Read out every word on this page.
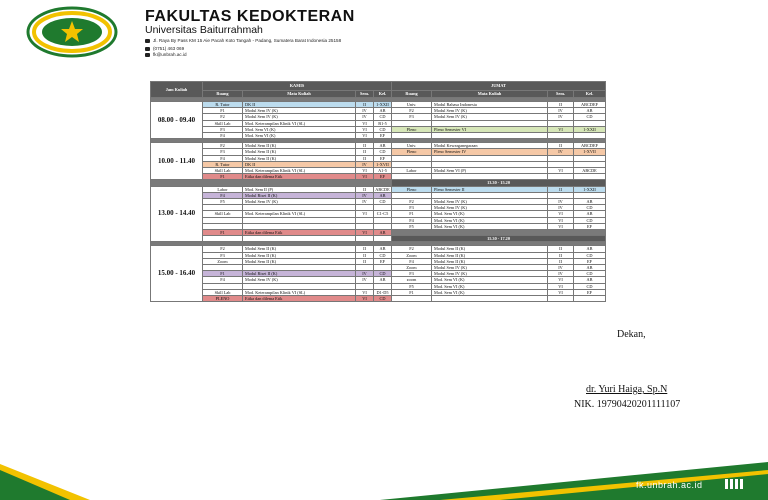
FAKULTAS KEDOKTERAN
Universitas Baiturrahmah
Jl. Raya By Pass KM 15 Aie Pacah Koto Tangah - Padang, Sumatera Barat Indonesia 25158
(0751) 463 069
fk@unbrah.ac.id
Jam Kuliah	KAMIS				JUMAT			
	Ruang	Mata Kuliah	Sem.	Kel.	Ruang	Mata Kuliah	Sem.	Kel.

08.00 - 09.40	R. Tutor	DK II	II	1-XXII	Univ.	Modul Bahasa Indonesia	II	ABCDEF
	F1	Modul Sem IV (K)	IV	AB	F2	Modul Sem IV (K)	IV	AB
	F2	Modul Sem IV (K)	IV	CD	F3	Modul Sem IV (K)	IV	CD
	Skill Lab	Mod. Keterampilan Klinik VI (SL)	VI	B1-5				
	F3	Mod. Sem VI (K)	VI	CD	Pleno	Pleno Semester VI	VI	1-XXII
	F4	Mod. Sem VI (K)	VI	EF				

10.00 - 11.40	F2	Modul Sem II (K)	II	AB	Univ.	Modul Kewarganegaraan	II	ABCDEF
	F3	Modul Sem II (K)	II	CD	Pleno	Pleno Semester IV	IV	1-XVII
	F4	Modul Sem II (K)	II	EF				
	R. Tutor	DK II	IV	1-XVII				
	Skill Lab	Mod. Keterampilan Klinik VI (SL)	VI	A1-5	Labor	Modul Sem VI (P)	VI	ABCDE
	F1	Etika dan dilema Etik	VI	EF				
					13.30 - 15.20			
13.00 - 14.40	Labor	Mod. Sem II (P)	II	ABCDE	Pleno	Pleno Semester II	II	1-XXII
	F4	Modul Riset II (K)	IV	AB				
	F5	Modul Sem IV (K)	IV	CD	F2	Modul Sem IV (K)	IV	AB
					F3	Modul Sem IV (K)	IV	CD
	Skill Lab	Mod. Keterampilan Klinik VI (SL)	VI	C1-C5	F1	Mod. Sem VI (K)	VI	AB
					F4	Mod. Sem VI (K)	VI	CD
					F5	Mod. Sem VI (K)	VI	EF
	F1	Etika dan dilema Etik	VI	AB				
					15.30 - 17.20			

15.00 - 16.40	F2	Modul Sem II (K)	II	AB	F2	Modul Sem II (K)	II	AB
	F3	Modul Sem II (K)	II	CD	Zoom	Modul Sem II (K)	II	CD
	Zoom	Modul Sem II (K)	II	EF	F4	Modul Sem II (K)	II	EF
					Zoom	Modul Sem IV (K)	IV	AB
	F1	Modul Riset II (K)	IV	CD	F3	Modul Sem IV (K)	IV	CD
	F4	Modul Sem IV (K)	IV	AB	zoom	Mod. Sem VI (K)	VI	AB
					F5	Mod. Sem VI (K)	VI	CD
	Skill Lab	Mod. Keterampilan Klinik VI (SL)	VI	D1-D5	F1	Mod. Sem VI (K)	VI	EF
	PLENO	Etika dan dilema Etik	VI	CD				
Dekan,
dr. Yuri Haiga, Sp.N
NIK. 19790420201111107
fk.unbrah.ac.id
